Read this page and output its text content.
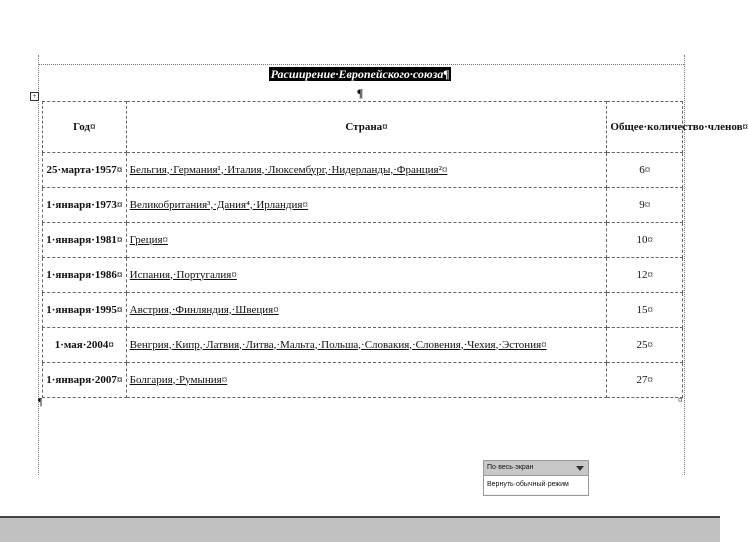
Расширение·Европейского·союза¶
¶
+
Год¤	Страна¤	Общее·количество·членов¤
25·марта·1957¤	Бельгия,·Германия¹,·Италия,·Люксембург,·Нидерланды,·Франция²¤	6¤
1·января·1973¤	Великобритания³,·Дания⁴,·Ирландия¤	9¤
1·января·1981¤	Греция¤	10¤
1·января·1986¤	Испания,·Португалия¤	12¤
1·января·1995¤	Австрия,·Финляндия,·Швеция¤	15¤
1·мая·2004¤	Венгрия,·Кипр,·Латвия,·Литва,·Мальта,·Польша,·Словакия,·Словения,·Чехия,·Эстония¤	25¤
1·января·2007¤	Болгария,·Румыния¤	27¤
¶	¤
По·весь·экран
Вернуть·обычный·режим
